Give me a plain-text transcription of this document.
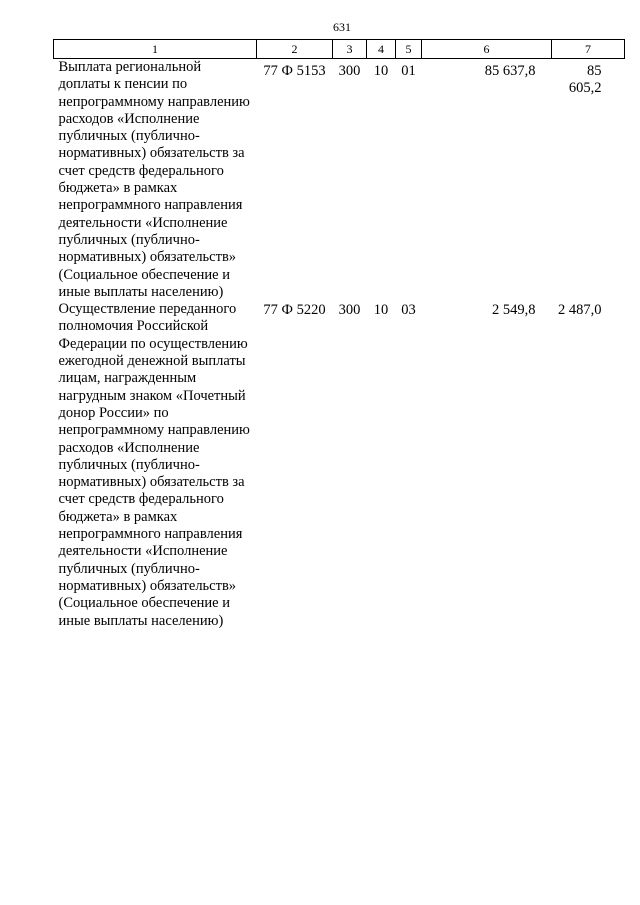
631
1	2	3	4	5	6	7
Выплата региональной доплаты к пенсии по непрограммному направлению расходов «Исполнение публичных (публично-нормативных) обязательств за счет средств федерального бюджета» в рамках непрограммного направления деятельности «Исполнение публичных (публично-нормативных) обязательств» (Социальное обеспечение и иные выплаты населению)	77 Ф 5153	300	10	01	85 637,8	85 605,2
Осуществление переданного полномочия Российской Федерации по осуществлению ежегодной денежной выплаты лицам, награжденным нагрудным знаком «Почетный донор России» по непрограммному направлению расходов «Исполнение публичных (публично-нормативных) обязательств за счет средств федерального бюджета» в рамках непрограммного направления деятельности «Исполнение публичных (публично-нормативных) обязательств» (Социальное обеспечение и иные выплаты населению)	77 Ф 5220	300	10	03	2 549,8	2 487,0
